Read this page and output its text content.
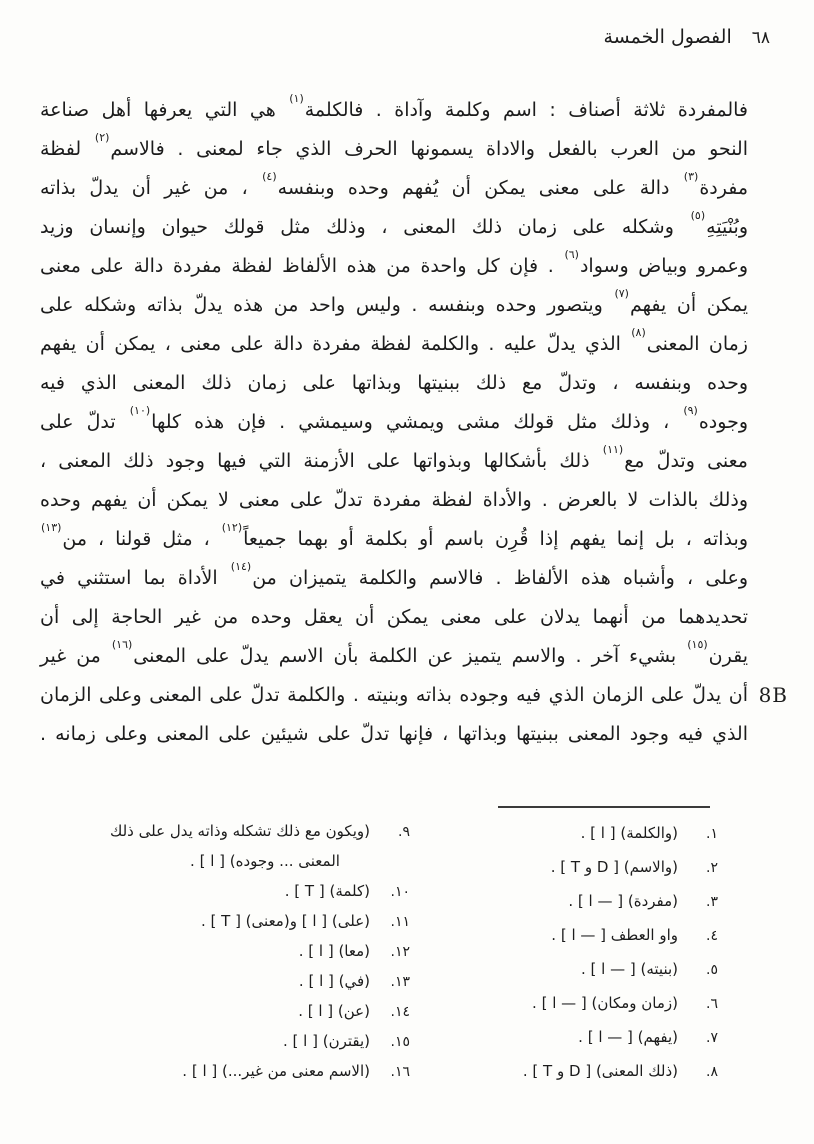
٦٨
الفصول الخمسة
فالمفردة ثلاثة أصناف : اسم وكلمة وآداة . فالكلمة$^{(١)}$ هي التي يعرفها أهل صناعة
النحو من العرب بالفعل والاداة يسمونها الحرف الذي جاء لمعنى . فالاسم$^{(٢)}$ لفظة
مفردة$^{(٣)}$ دالة على معنى يمكن أن يُفهم وحده وبنفسه$^{(٤)}$ ، من غير أن يدلّ بذاته
وبُنْيَتِهِ$^{(٥)}$ وشكله على زمان ذلك المعنى ، وذلك مثل قولك حيوان وإنسان وزيد
وعمرو وبياض وسواد$^{(٦)}$ . فإن كل واحدة من هذه الألفاظ لفظة مفردة دالة على معنى
يمكن أن يفهم$^{(٧)}$ ويتصور وحده وبنفسه . وليس واحد من هذه يدلّ بذاته وشكله على
زمان المعنى$^{(٨)}$ الذي يدلّ عليه . والكلمة لفظة مفردة دالة على معنى ، يمكن أن يفهم
وحده وبنفسه ، وتدلّ مع ذلك ببنيتها وبذاتها على زمان ذلك المعنى الذي فيه
وجوده$^{(٩)}$ ، وذلك مثل قولك مشى ويمشي وسيمشي . فإن هذه كلها$^{(١٠)}$ تدلّ على
معنى وتدلّ مع$^{(١١)}$ ذلك بأشكالها وبذواتها على الأزمنة التي فيها وجود ذلك المعنى ،
وذلك بالذات لا بالعرض . والأداة لفظة مفردة تدلّ على معنى لا يمكن أن يفهم وحده
وبذاته ، بل إنما يفهم إذا قُرِن باسم أو بكلمة أو بهما جميعاً$^{(١٢)}$ ، مثل قولنا ، من$^{(١٣)}$
وعلى ، وأشباه هذه الألفاظ . فالاسم والكلمة يتميزان من$^{(١٤)}$ الأداة بما استثني في
تحديدهما من أنهما يدلان على معنى يمكن أن يعقل وحده من غير الحاجة إلى أن
يقرن$^{(١٥)}$ بشيء آخر . والاسم يتميز عن الكلمة بأن الاسم يدلّ على المعنى$^{(١٦)}$ من غير
أن يدلّ على الزمان الذي فيه وجوده بذاته وبنيته . والكلمة تدلّ على المعنى وعلى الزمان
الذي فيه وجود المعنى ببنيتها وبذاتها ، فإنها تدلّ على شيئين على المعنى وعلى زمانه .
8B
١.
(والكلمة) [ ا ] .
٢.
(والاسم) [ D و T ] .
٣.
(مفردة) [ — ا ] .
٤.
واو العطف [ — ا ] .
٥.
(بنيته) [ — ا ] .
٦.
(زمان ومكان) [ — ا ] .
٧.
(يفهم) [ — ا ] .
٨.
(ذلك المعنى) [ D و T ] .
٩.
(ويكون مع ذلك تشكله وذاته يدل على ذلك
المعنى ... وجوده) [ ا ] .
١٠.
(كلمة) [ T ] .
١١.
(على) [ ا ] و(معنى) [ T ] .
١٢.
(معا) [ ا ] .
١٣.
(في) [ ا ] .
١٤.
(عن) [ ا ] .
١٥.
(يقترن) [ ا ] .
١٦.
(الاسم معنى من غير...) [ ا ] .
